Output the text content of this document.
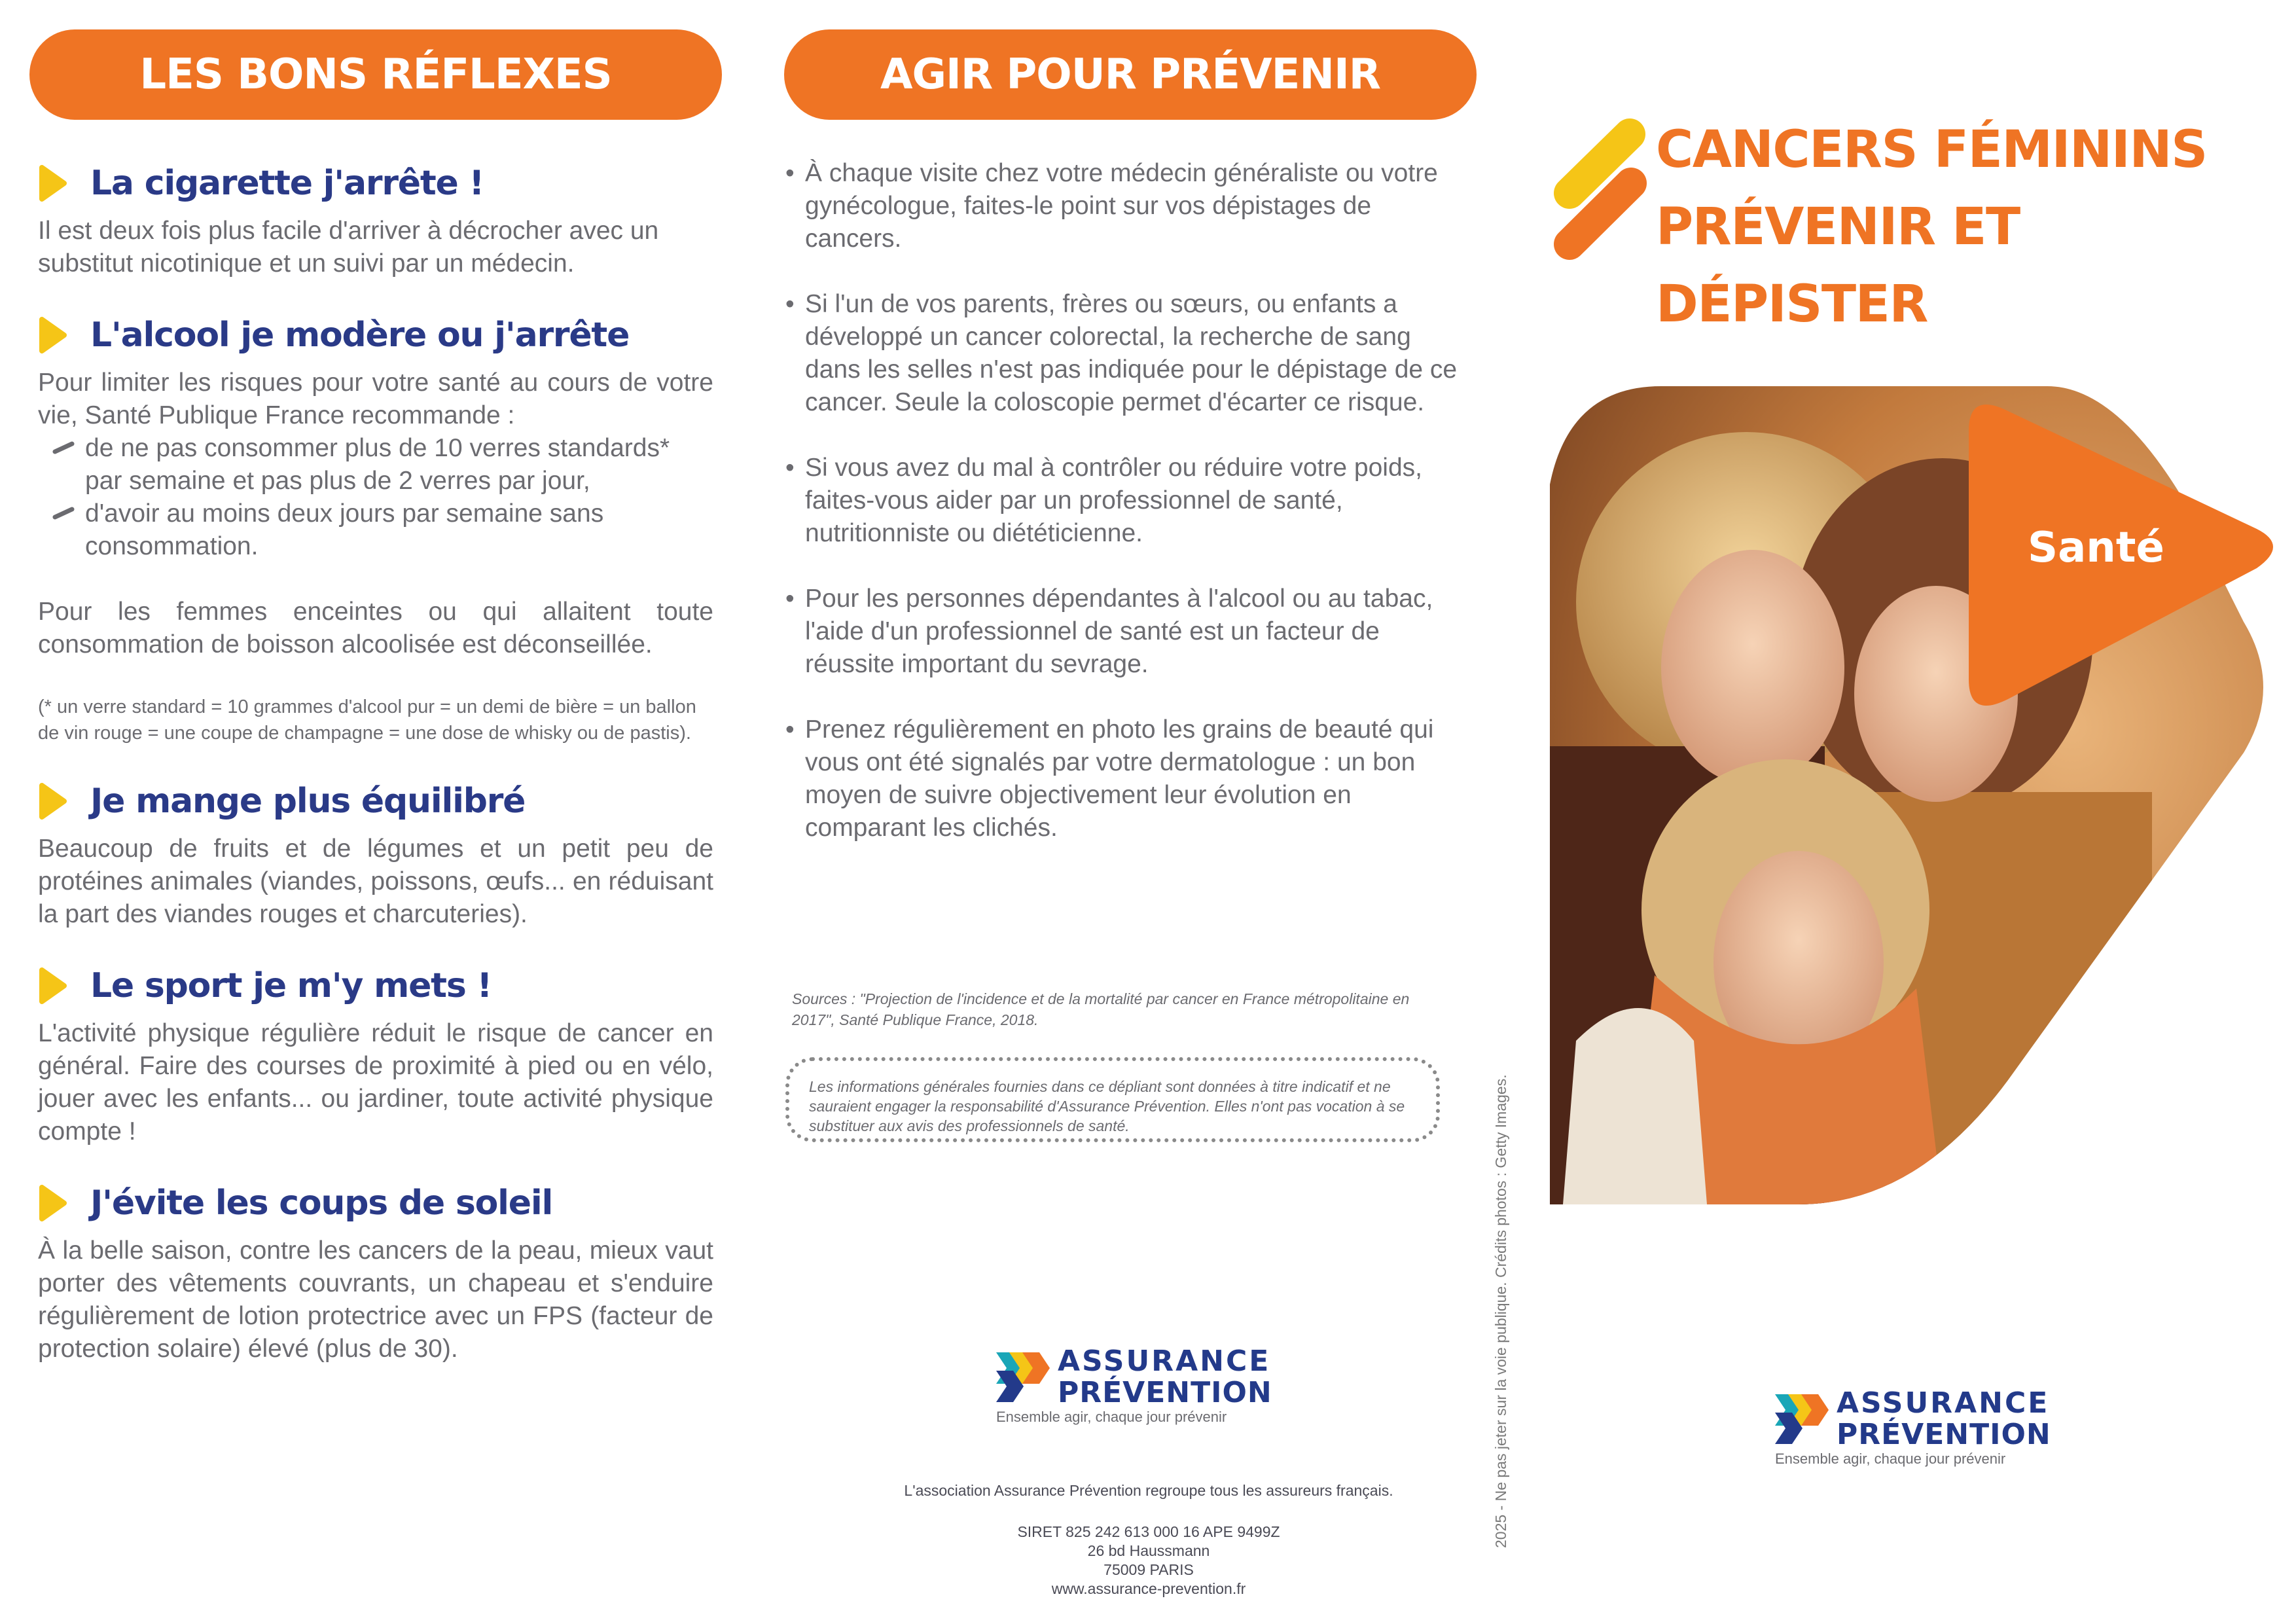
LES BONS RÉFLEXES
La cigarette j'arrête !

Il est deux fois plus facile d'arriver à décrocher avec un substitut nicotinique et un suivi par un médecin.

L'alcool je modère ou j'arrête

Pour limiter les risques pour votre santé au cours de votre vie, Santé Publique France recommande :

de ne pas consommer plus de 10 verres standards* par semaine et pas plus de 2 verres par jour,
d'avoir au moins deux jours par semaine sans consommation.

Pour les femmes enceintes ou qui allaitent toute consommation de boisson alcoolisée est déconseillée.

(* un verre standard = 10 grammes d'alcool pur = un demi de bière = un ballon de vin rouge = une coupe de champagne = une dose de whisky ou de pastis).

Je mange plus équilibré

Beaucoup de fruits et de légumes et un petit peu de protéines animales (viandes, poissons, œufs... en réduisant la part des viandes rouges et charcuteries).

Le sport je m'y mets !

L'activité physique régulière réduit le risque de cancer en général. Faire des courses de proximité à pied ou en vélo, jouer avec les enfants... ou jardiner, toute activité physique compte !

J'évite les coups de soleil

À la belle saison, contre les cancers de la peau, mieux vaut porter des vêtements couvrants, un chapeau et s'enduire régulièrement de lotion protectrice avec un FPS (facteur de protection solaire) élevé (plus de 30).

AGIR POUR PRÉVENIR
• À chaque visite chez votre médecin généraliste ou votre gynécologue, faites-le point sur vos dépistages de cancers.
• Si l'un de vos parents, frères ou sœurs, ou enfants a développé un cancer colorectal, la recherche de sang dans les selles n'est pas indiquée pour le dépistage de ce cancer. Seule la coloscopie permet d'écarter ce risque.
• Si vous avez du mal à contrôler ou réduire votre poids, faites-vous aider par un professionnel de santé, nutritionniste ou diététicienne.
• Pour les personnes dépendantes à l'alcool ou au tabac, l'aide d'un professionnel de santé est un facteur de réussite important du sevrage.
• Prenez régulièrement en photo les grains de beauté qui vous ont été signalés par votre dermatologue : un bon moyen de suivre objectivement leur évolution en comparant les clichés.
Sources : "Projection de l'incidence et de la mortalité par cancer en France métropolitaine en 2017", Santé Publique France, 2018.
Les informations générales fournies dans ce dépliant sont données à titre indicatif et ne sauraient engager la responsabilité d'Assurance Prévention. Elles n'ont pas vocation à se substituer aux avis des professionnels de santé.	2025 - Ne pas jeter sur la voie publique. Crédits photos : Getty Images.
ASSURANCE
PRÉVENTION
Ensemble agir, chaque jour prévenir
L'association Assurance Prévention regroupe tous les assureurs français.
SIRET 825 242 613 000 16 APE 9499Z
26 bd Haussmann
75009 PARIS
www.assurance-prevention.fr
CANCERS FÉMININS
PRÉVENIR ET DÉPISTER
Santé
ASSURANCE
PRÉVENTION
Ensemble agir, chaque jour prévenir
